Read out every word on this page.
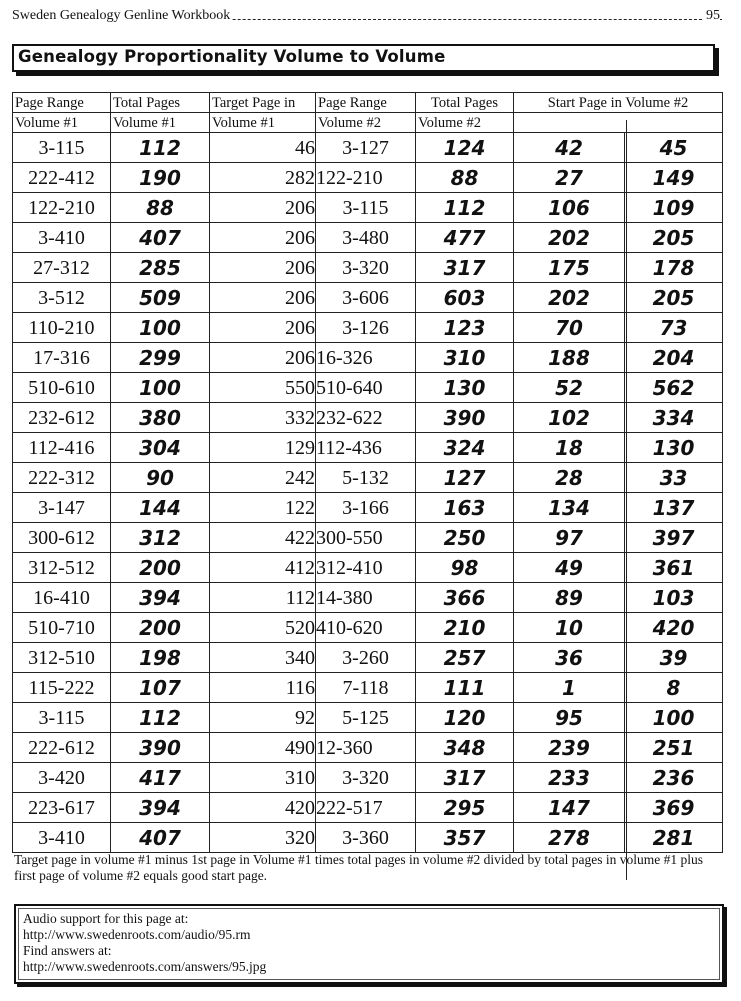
Sweden Genealogy Genline Workbook	95
Genealogy Proportionality Volume to Volume
Page Range	Total Pages	Target Page in	Page Range	Total Pages	Start Page in Volume #2	
Volume #1	Volume #1	Volume #1	Volume #2	Volume #2		
3-115	112	46	3-127	124	42	45
222-412	190	282	122-210	88	27	149
122-210	88	206	3-115	112	106	109
3-410	407	206	3-480	477	202	205
27-312	285	206	3-320	317	175	178
3-512	509	206	3-606	603	202	205
110-210	100	206	3-126	123	70	73
17-316	299	206	16-326	310	188	204
510-610	100	550	510-640	130	52	562
232-612	380	332	232-622	390	102	334
112-416	304	129	112-436	324	18	130
222-312	90	242	5-132	127	28	33
3-147	144	122	3-166	163	134	137
300-612	312	422	300-550	250	97	397
312-512	200	412	312-410	98	49	361
16-410	394	112	14-380	366	89	103
510-710	200	520	410-620	210	10	420
312-510	198	340	3-260	257	36	39
115-222	107	116	7-118	111	1	8
3-115	112	92	5-125	120	95	100
222-612	390	490	12-360	348	239	251
3-420	417	310	3-320	317	233	236
223-617	394	420	222-517	295	147	369
3-410	407	320	3-360	357	278	281
Target page in volume #1 minus 1st page in Volume #1 times total pages in volume #2 divided by total pages in volume #1 plus first page of volume #2 equals good start page.
Audio support for this page at:
http://www.swedenroots.com/audio/95.rm
Find answers at:
http://www.swedenroots.com/answers/95.jpg
